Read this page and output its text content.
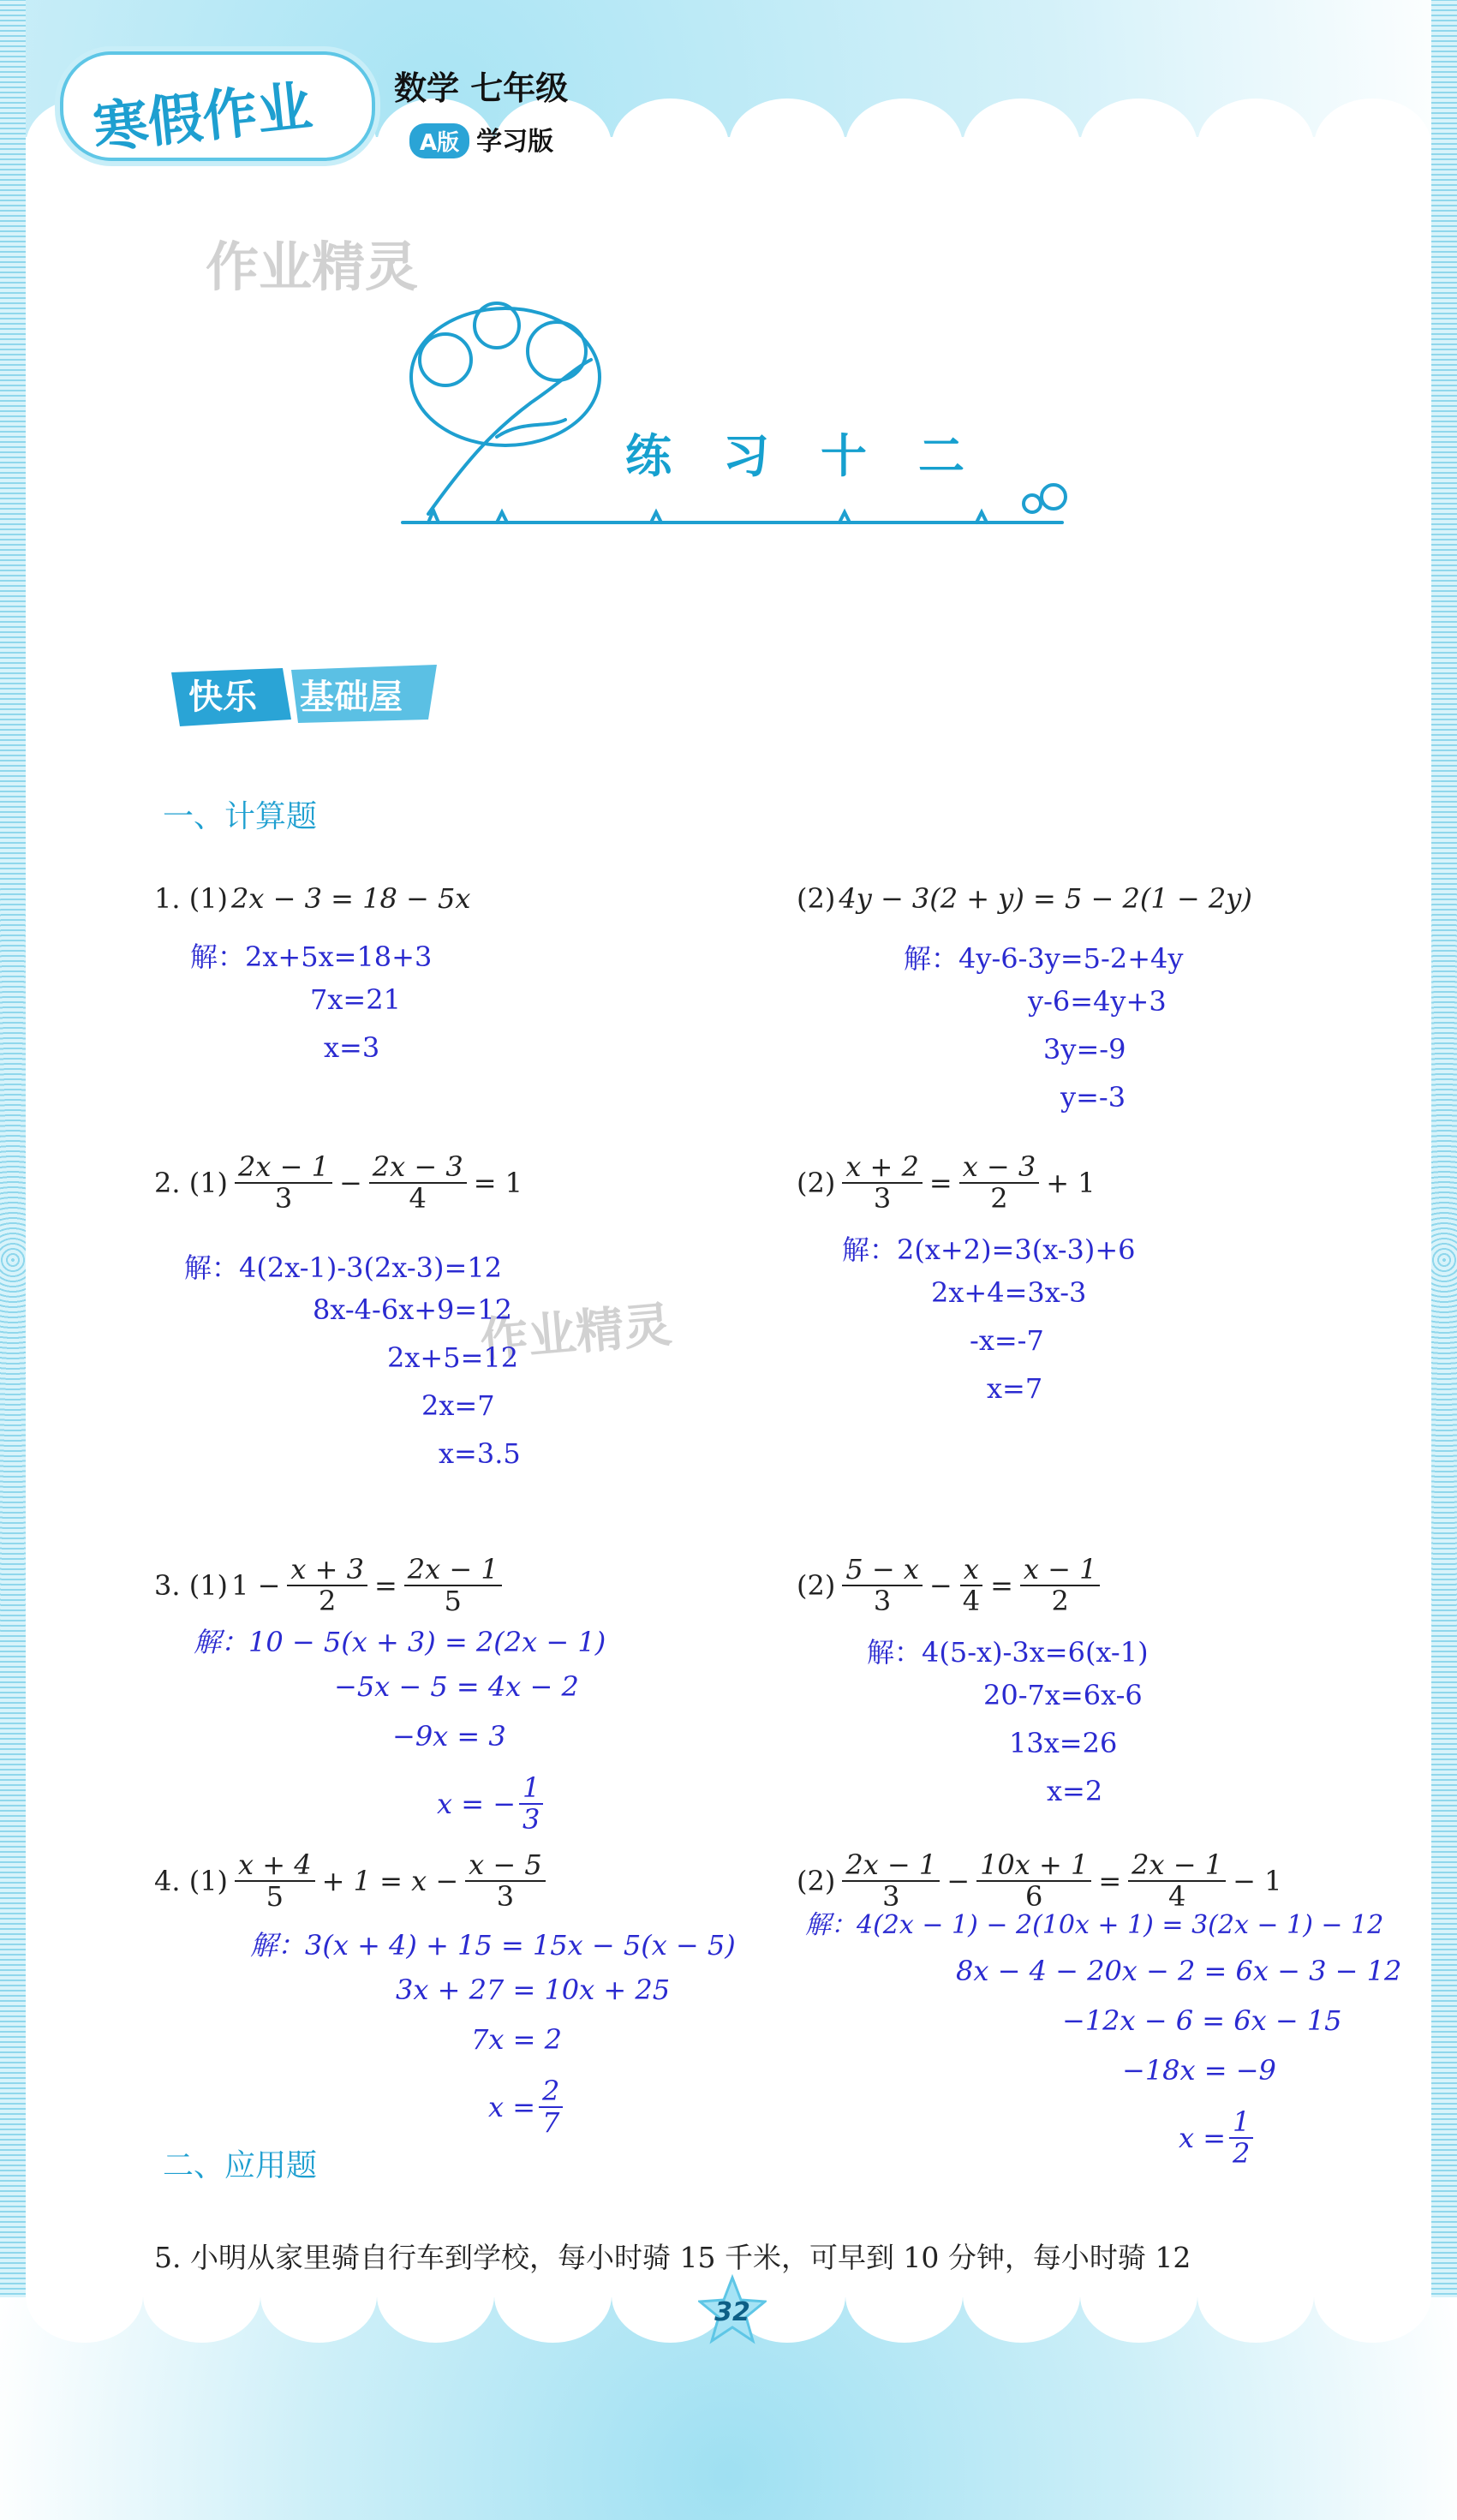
寒假作业 数学 七年级
A版 学习版
作业精灵
作业精灵
练习十二
快乐 基础屋
一、计算题
1. (1) 2x − 3 = 18 − 5x	(2) 4y − 3(2 + y) = 5 − 2(1 − 2y)
解：2x+5x=18+3
7x=21
x=3
解：4y-6-3y=5-2+4y
y-6=4y+3
3y=-9
y=-3
2. $(1) \frac{2x - 1}{3} - \frac{2x - 3}{4} = 1$	$(2) \frac{x + 2}{3} = \frac{x - 3}{2} + 1$
解：4(2x-1)-3(2x-3)=12
8x-4-6x+9=12
2x+5=12
2x=7
x=3.5
解：2(x+2)=3(x-3)+6
2x+4=3x-3
-x=-7
x=7
3. (1) $1 - \frac{x + 3}{2} = \frac{2x - 1}{5}$	$(2) \frac{5 - x}{3} - \frac{x}{4} = \frac{x - 1}{2}$
解：10 − 5(x + 3) = 2(2x − 1)
−5x − 5 = 4x − 2
−9x = 3
x = − $\frac{1}{3}$
解：4(5-x)-3x=6(x-1)
20-7x=6x-6
13x=26
x=2
4. $(1) \frac{x + 4}{5} + 1 = x - \frac{x - 5}{3}$	$(2) \frac{2x - 1}{3} - \frac{10x + 1}{6} = \frac{2x - 1}{4} - 1$
解：3(x + 4) + 15 = 15x − 5(x − 5)
3x + 27 = 10x + 25
7x = 2
$x = \frac{2}{7}$
解：4(2x − 1) − 2(10x + 1) = 3(2x − 1) − 12
8x − 4 − 20x − 2 = 6x − 3 − 12
−12x − 6 = 6x − 15
−18x = −9
$x = \frac{1}{2}$
二、应用题
5. 小明从家里骑自行车到学校，每小时骑 15 千米，可早到 10 分钟，每小时骑 12
32
